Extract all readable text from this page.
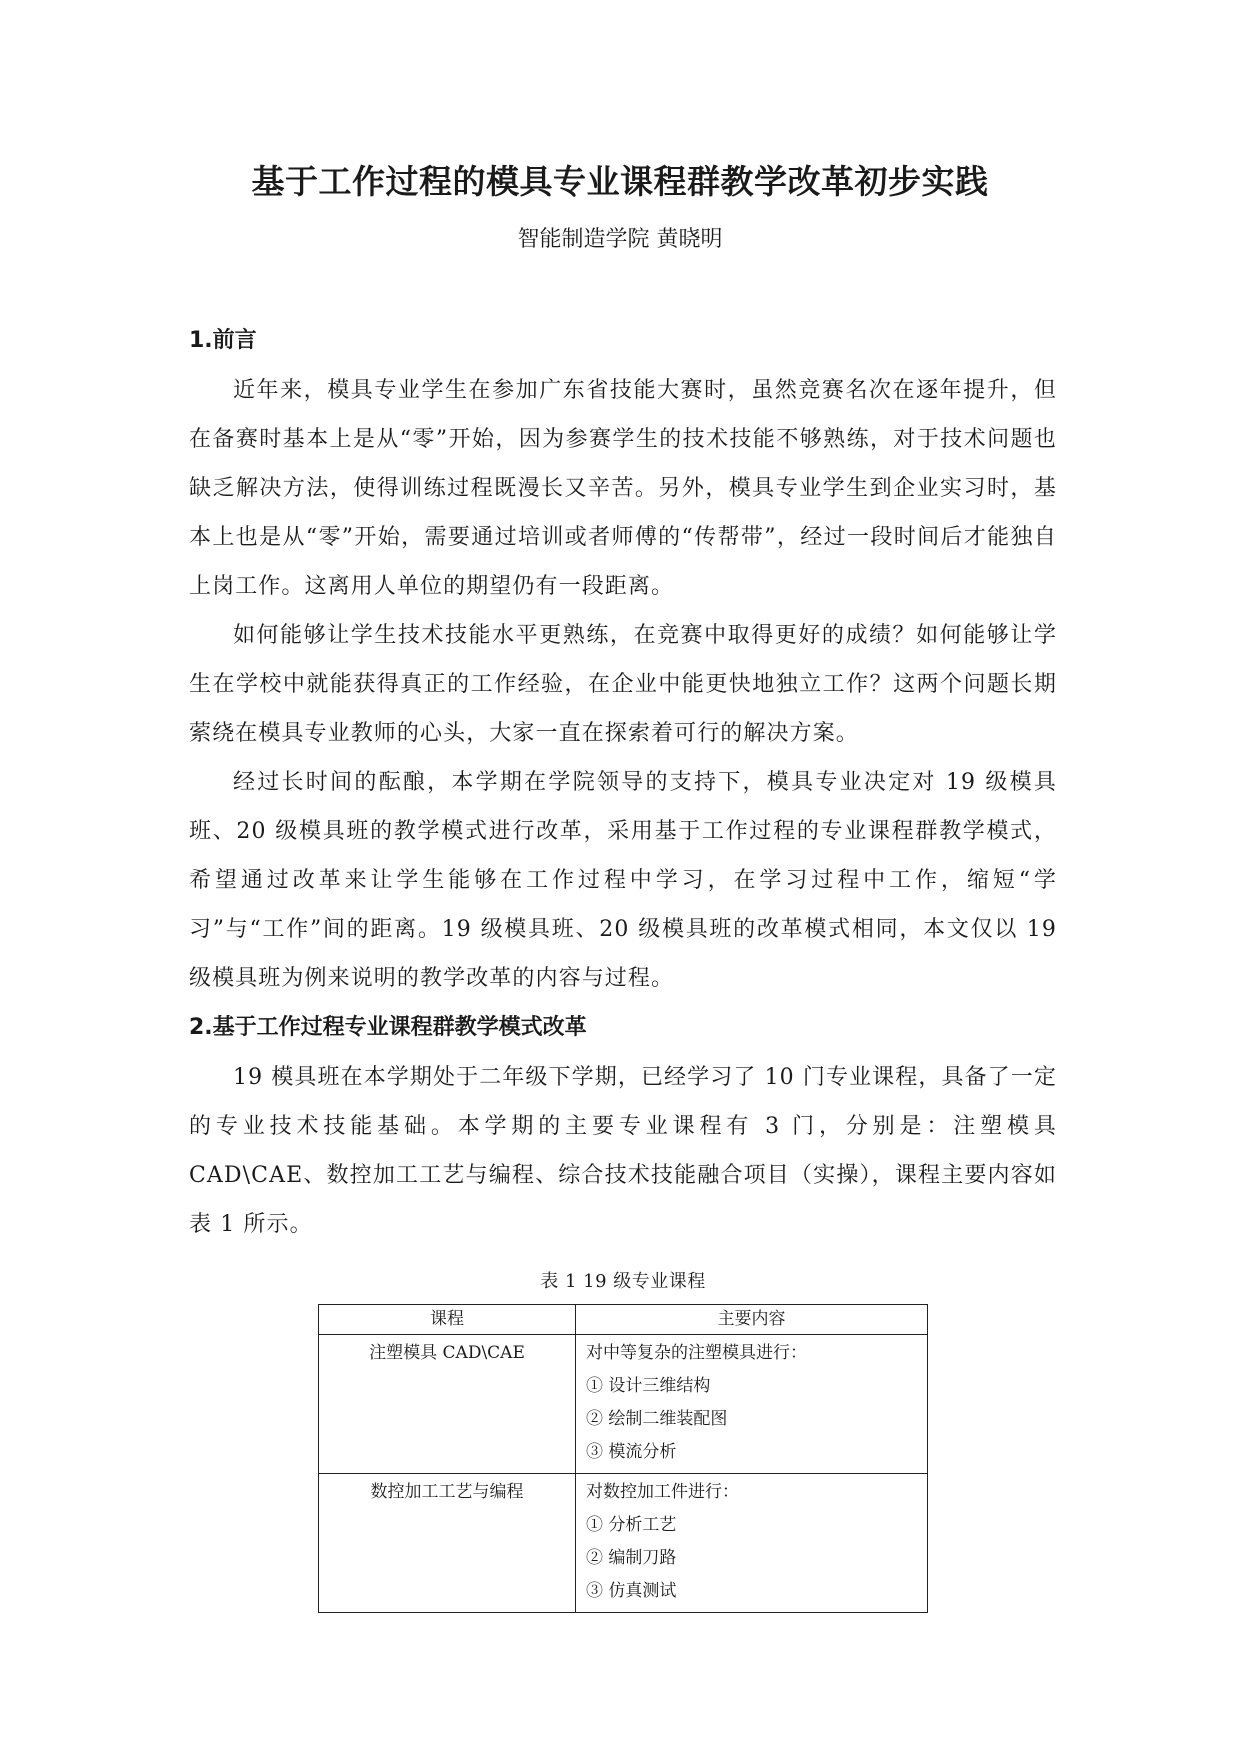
基于工作过程的模具专业课程群教学改革初步实践
智能制造学院 黄晓明

1.前言

近年来，模具专业学生在参加广东省技能大赛时，虽然竞赛名次在逐年提升，但在备赛时基本上是从“零”开始，因为参赛学生的技术技能不够熟练，对于技术问题也缺乏解决方法，使得训练过程既漫长又辛苦。另外，模具专业学生到企业实习时，基本上也是从“零”开始，需要通过培训或者师傅的“传帮带”，经过一段时间后才能独自上岗工作。这离用人单位的期望仍有一段距离。

如何能够让学生技术技能水平更熟练，在竞赛中取得更好的成绩？如何能够让学生在学校中就能获得真正的工作经验，在企业中能更快地独立工作？这两个问题长期萦绕在模具专业教师的心头，大家一直在探索着可行的解决方案。

经过长时间的酝酿，本学期在学院领导的支持下，模具专业决定对 19 级模具班、20 级模具班的教学模式进行改革，采用基于工作过程的专业课程群教学模式，希望通过改革来让学生能够在工作过程中学习，在学习过程中工作，缩短“学习”与“工作”间的距离。19 级模具班、20 级模具班的改革模式相同，本文仅以 19 级模具班为例来说明的教学改革的内容与过程。

2.基于工作过程专业课程群教学模式改革

19 模具班在本学期处于二年级下学期，已经学习了 10 门专业课程，具备了一定的专业技术技能基础。本学期的主要专业课程有 3 门，分别是：注塑模具 CAD\CAE、数控加工工艺与编程、综合技术技能融合项目（实操），课程主要内容如表 1 所示。

表 1 19 级专业课程
课程	主要内容
注塑模具 CAD\CAE	对中等复杂的注塑模具进行：
① 设计三维结构
② 绘制二维装配图
③ 模流分析

数控加工工艺与编程	对数控加工件进行：
① 分析工艺
② 编制刀路
③ 仿真测试
